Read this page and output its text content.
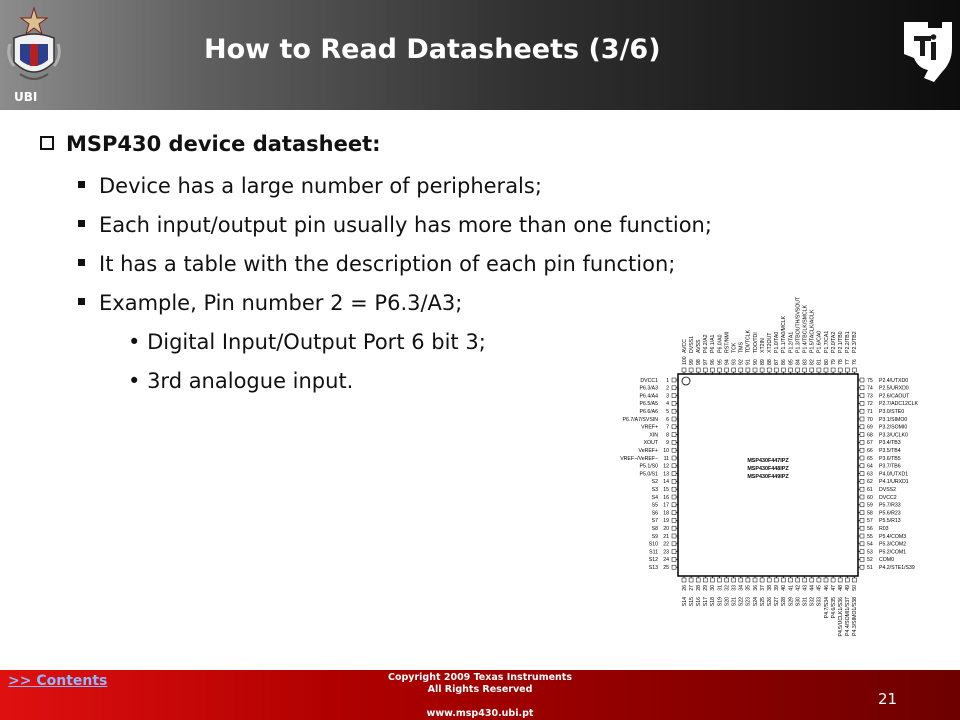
UBI
How to Read Datasheets (3/6)
MSP430 device datasheet:
Device has a large number of peripherals;
Each input/output pin usually has more than one function;
It has a table with the description of each pin function;
Example, Pin number 2 = P6.3/A3;
• Digital Input/Output Port 6 bit 3;
• 3rd analogue input.	1
DVCC1
2
P6.3/A3
3
P6.4/A4
4
P6.5/A5
5
P6.6/A6
6
P6.7/A7/SVSIN
7
VREF+
8
XIN
9
XOUT
10
VeREF+
11
VREF−/VeREF−
12
P5.1/S0
13
P5.0/S1
14
S2
15
S3
16
S4
17
S5
18
S6
19
S7
20
S8
21
S9
22
S10
23
S11
24
S12
25
S13
75 P2.4/UTXD0
74 P2.5/URXD0
73 P2.6/CAOUT
72 P2.7/ADC12CLK
71 P3.0/STE0
70 P3.1/SIMO0
69 P3.2/SOMI0
68 P3.3/UCLK0
67 P3.4/TB3
66 P3.5/TB4
65 P3.6/TB5
64 P3.7/TB6
63 P4.0/UTXD1
62 P4.1/URXD1
61 DVSS2
60 DVCC2
59 P5.7/R33
58 P5.6/R23
57 P5.5/R13
56 R03
55 P5.4/COM3
54 P5.3/COM2
53 P5.2/COM1
52 COM0
51 P4.2/STE1/S39
100
AVCC
99
DVSS1
98
AVSS
97
P6.2/A2
96
P6.1/A1
95
P6.0/A0
94
RST/NMI
93
TCK
92
TMS
91
TDI/TCLK
90
TDO/TDI
89
XT2IN
88
XT2OUT
87
P1.0/TA0
86
P1.1/TA0/MCLK
85
P1.2/TA1
84
P1.3/TBOUTH/SVSOUT
83
P1.4/TBCLK/SMCLK
82
P1.5/TACLK/ACLK
81
P1.6/CA0
80
P1.7/CA1
79
P2.0/TA2
78
P2.1/TB0
77
P2.2/TB1
76
P2.3/TB2
26
S14
27
S15
28
S16
29
S17
30
S18
31
S19
32
S20
33
S21
34
S22
35
S23
36
S24
37
S25
38
S26
39
S27
40
S28
41
S29
42
S30
43
S31
44
S32
45
S33
46
P4.7/S34
47
P4.6/S35
48
P4.5/UCLK1/S36
49
P4.4/SOMI1/S37
50
P4.3/SIMO1/S38
MSP430F447IPZ
MSP430F448IPZ
MSP430F449IPZ
>> Contents	Copyright 2009 Texas Instruments
All Rights Reserved
www.msp430.ubi.pt
21
